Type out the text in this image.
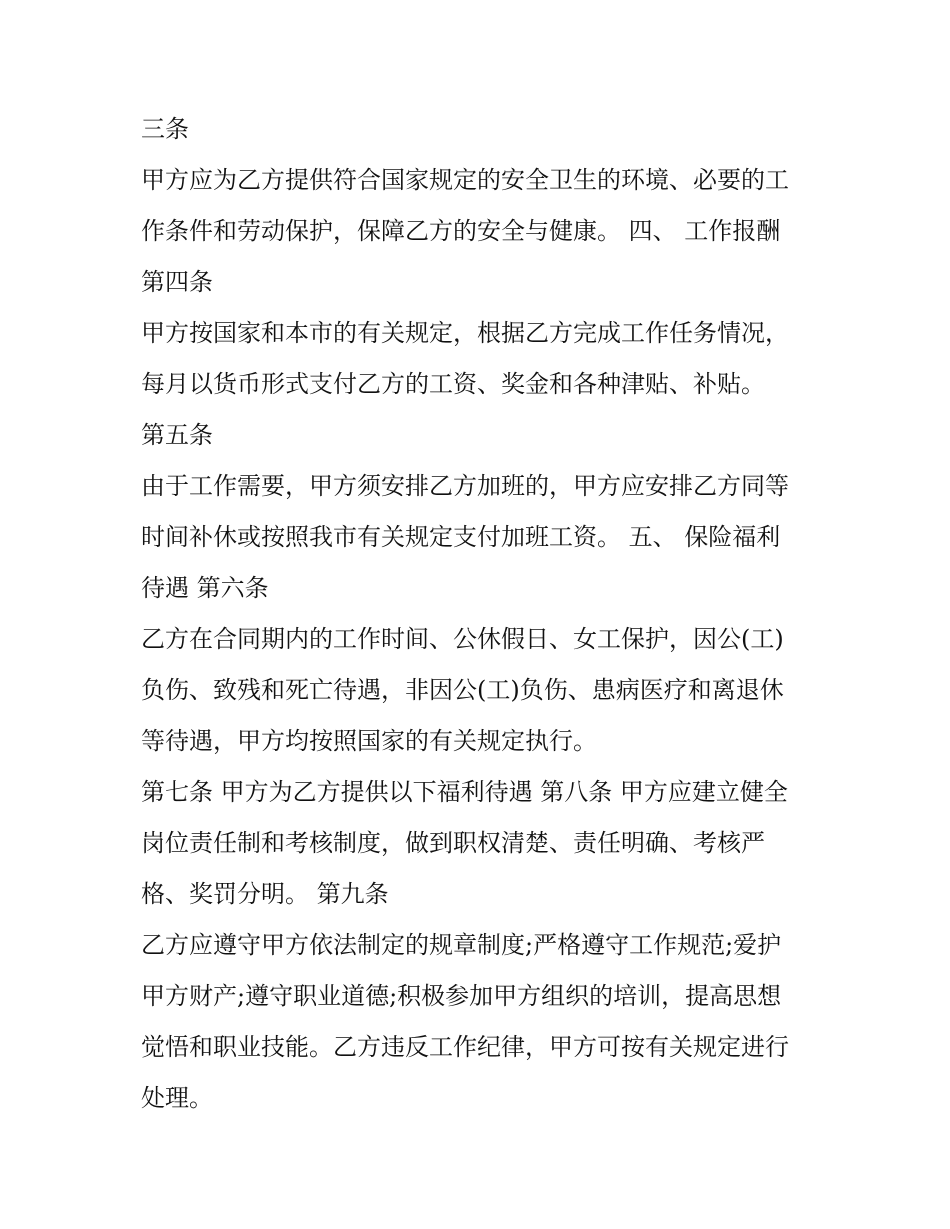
三条
甲方应为乙方提供符合国家规定的安全卫生的环境、必要的工
作条件和劳动保护，保障乙方的安全与健康。 四、 工作报酬
第四条
甲方按国家和本市的有关规定，根据乙方完成工作任务情况，
每月以货币形式支付乙方的工资、奖金和各种津贴、补贴。
第五条
由于工作需要，甲方须安排乙方加班的，甲方应安排乙方同等
时间补休或按照我市有关规定支付加班工资。 五、 保险福利
待遇 第六条
乙方在合同期内的工作时间、公休假日、女工保护，因公(工)
负伤、致残和死亡待遇，非因公(工)负伤、患病医疗和离退休
等待遇，甲方均按照国家的有关规定执行。
第七条 甲方为乙方提供以下福利待遇 第八条 甲方应建立健全
岗位责任制和考核制度，做到职权清楚、责任明确、考核严
格、奖罚分明。 第九条
乙方应遵守甲方依法制定的规章制度;严格遵守工作规范;爱护
甲方财产;遵守职业道德;积极参加甲方组织的培训，提高思想
觉悟和职业技能。乙方违反工作纪律，甲方可按有关规定进行
处理。
